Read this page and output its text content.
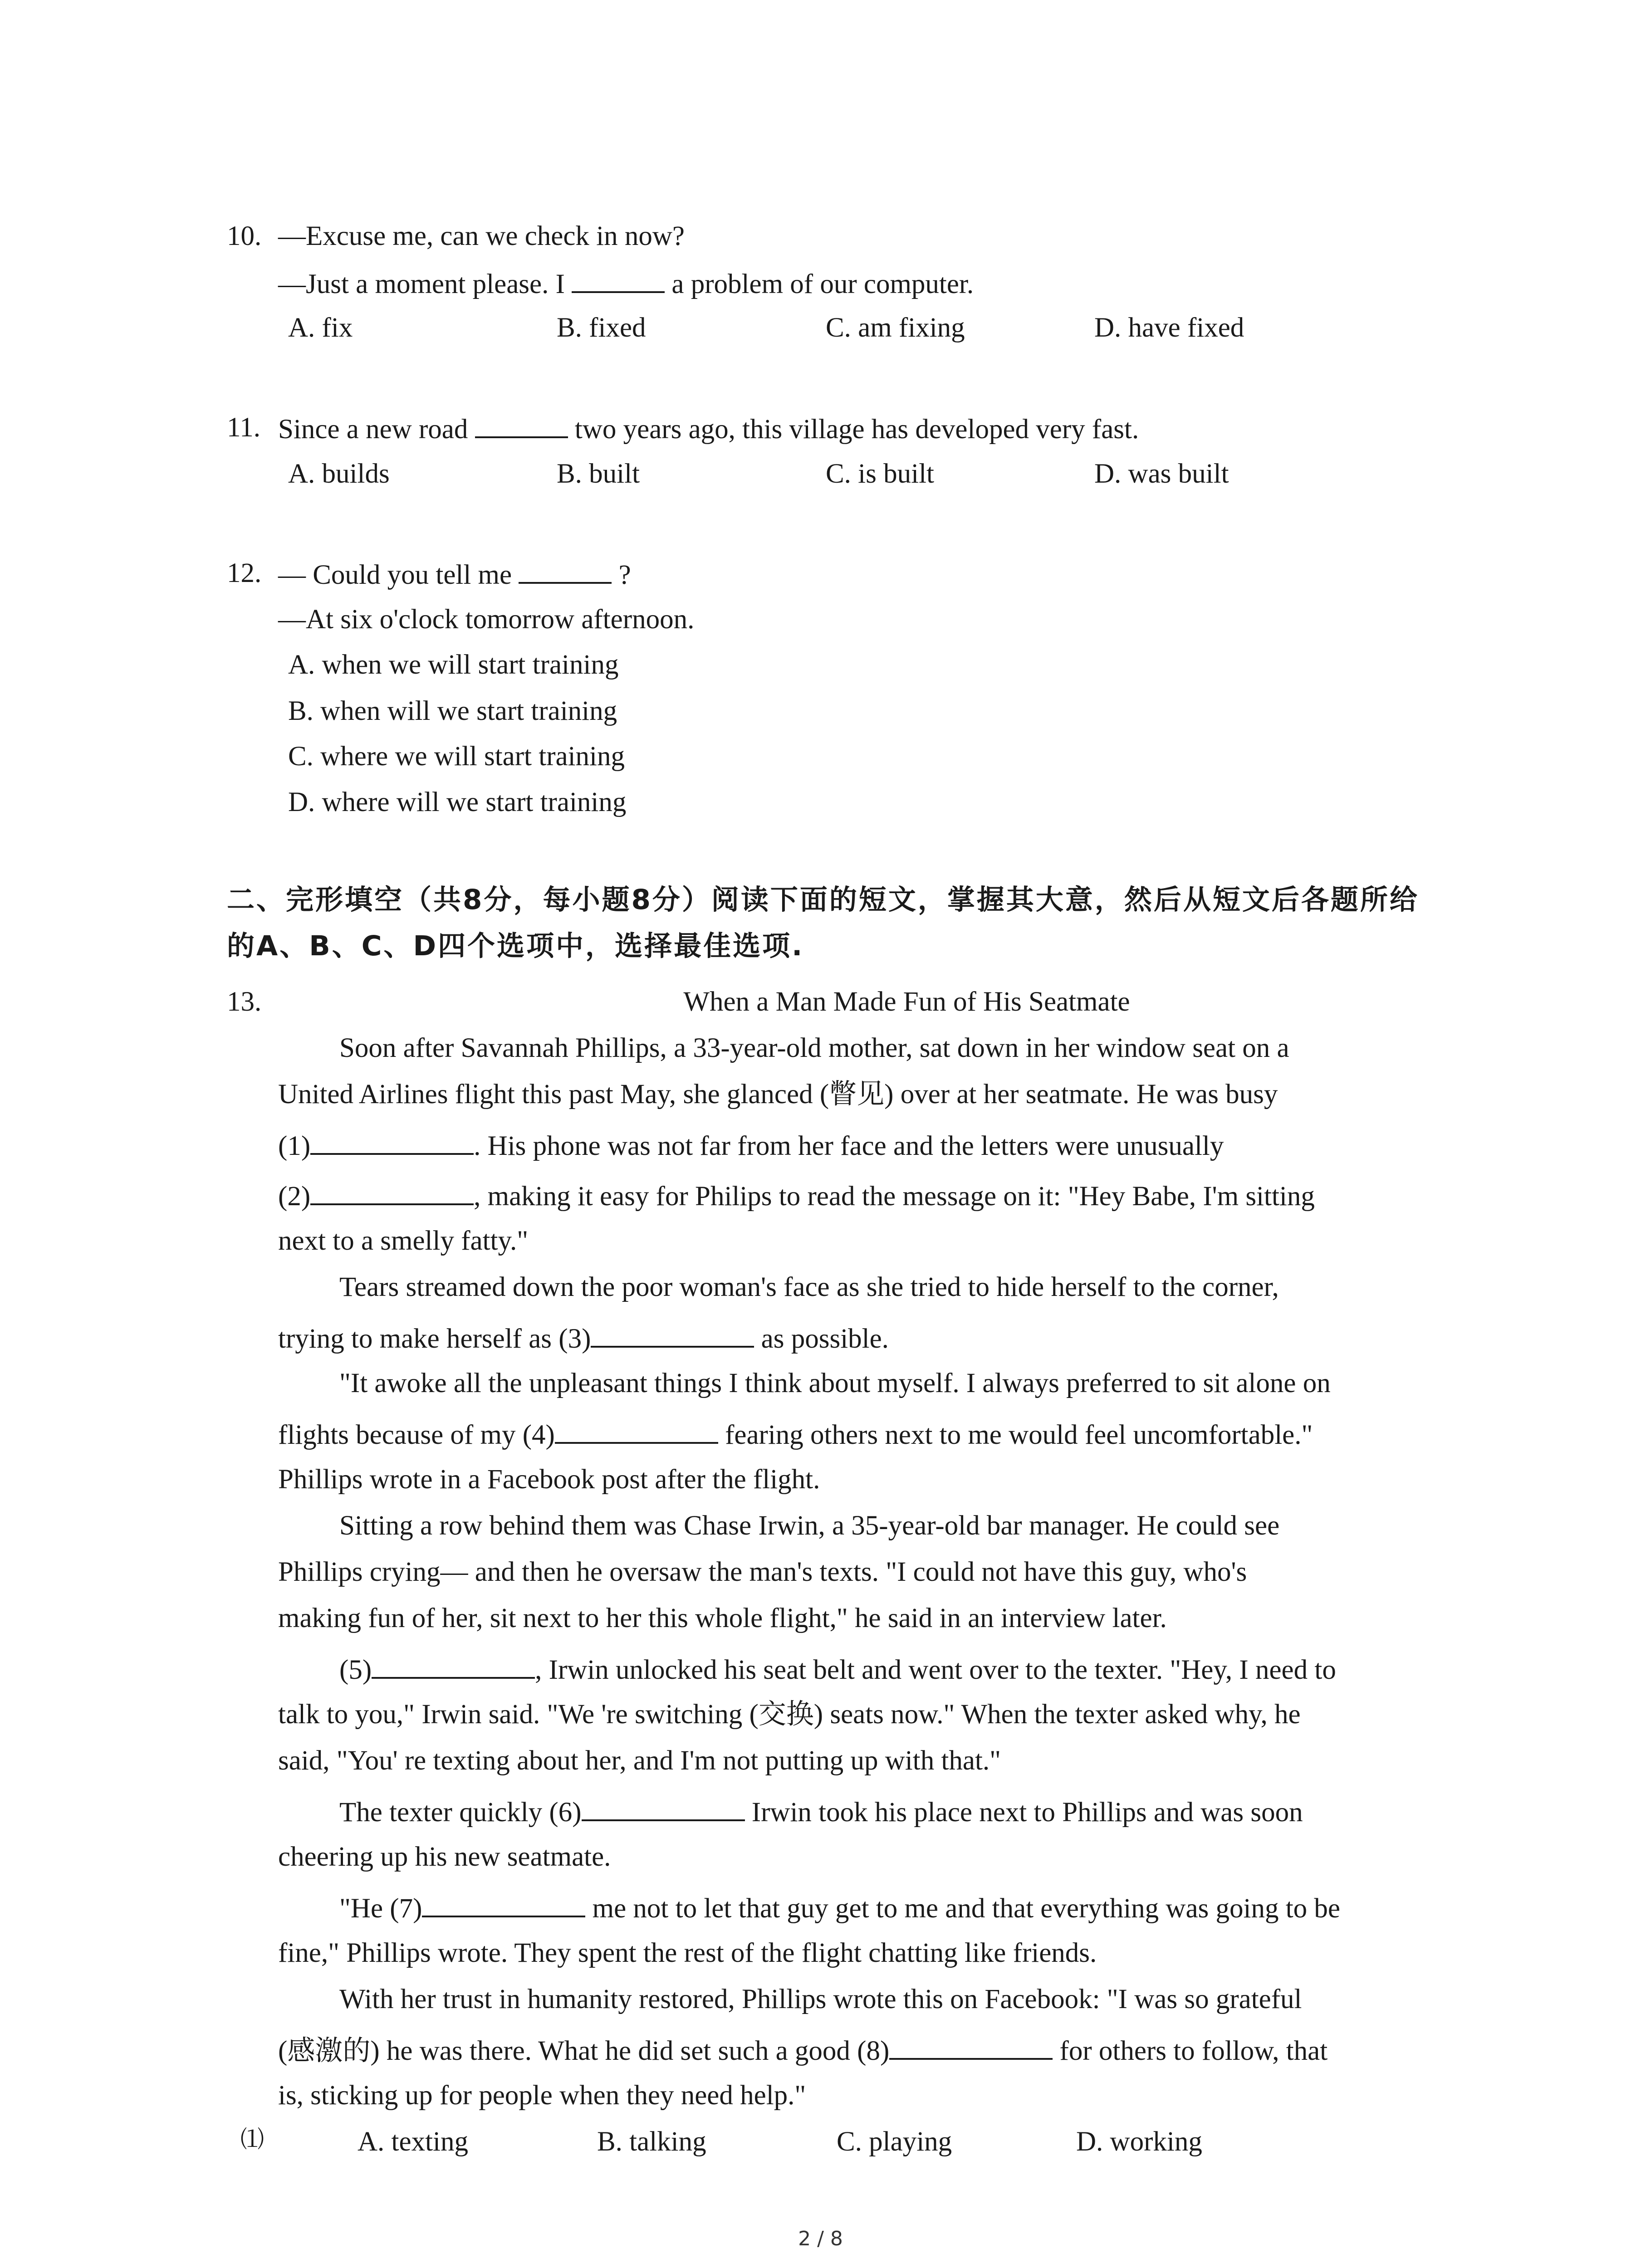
10. —Excuse me, can we check in now?
—Just a moment please. I	a problem of our computer.
A. fix	B. fixed	C. am fixing	D. have fixed
11. Since a new road	two years ago, this village has developed very fast.
A. builds	B. built	C. is built	D. was built
12. — Could you tell me	?
—At six o'clock tomorrow afternoon.
A. when we will start training
B. when will we start training
C. where we will start training
D. where will we start training
二、完形填空（共8分，每小题8分）阅读下面的短文，掌握其大意，然后从短文后各题所给
的A、B、C、D四个选项中，选择最佳选项.
13.	When a Man Made Fun of His Seatmate
Soon after Savannah Phillips, a 33-year-old mother, sat down in her window seat on a
United Airlines flight this past May, she glanced (瞥见) over at her seatmate. He was busy
(1)	. His phone was not far from her face and the letters were unusually
(2)	, making it easy for Philips to read the message on it: "Hey Babe, I'm sitting
next to a smelly fatty."
Tears streamed down the poor woman's face as she tried to hide herself to the corner,
trying to make herself as (3)	as possible.
"It awoke all the unpleasant things I think about myself. I always preferred to sit alone on
flights because of my (4)	fearing others next to me would feel uncomfortable."
Phillips wrote in a Facebook post after the flight.
Sitting a row behind them was Chase Irwin, a 35-year-old bar manager. He could see
Phillips crying— and then he oversaw the man's texts. "I could not have this guy, who's
making fun of her, sit next to her this whole flight," he said in an interview later.
(5)	, Irwin unlocked his seat belt and went over to the texter. "Hey, I need to
talk to you," Irwin said. "We 're switching (交换) seats now." When the texter asked why, he
said, "You' re texting about her, and I'm not putting up with that."
The texter quickly (6)	Irwin took his place next to Phillips and was soon
cheering up his new seatmate.
"He (7)	me not to let that guy get to me and that everything was going to be
fine," Phillips wrote. They spent the rest of the flight chatting like friends.
With her trust in humanity restored, Phillips wrote this on Facebook: "I was so grateful
(感激的) he was there. What he did set such a good (8)	for others to follow, that
is, sticking up for people when they need help."
⑴	A. texting	B. talking	C. playing	D. working
2 / 8
